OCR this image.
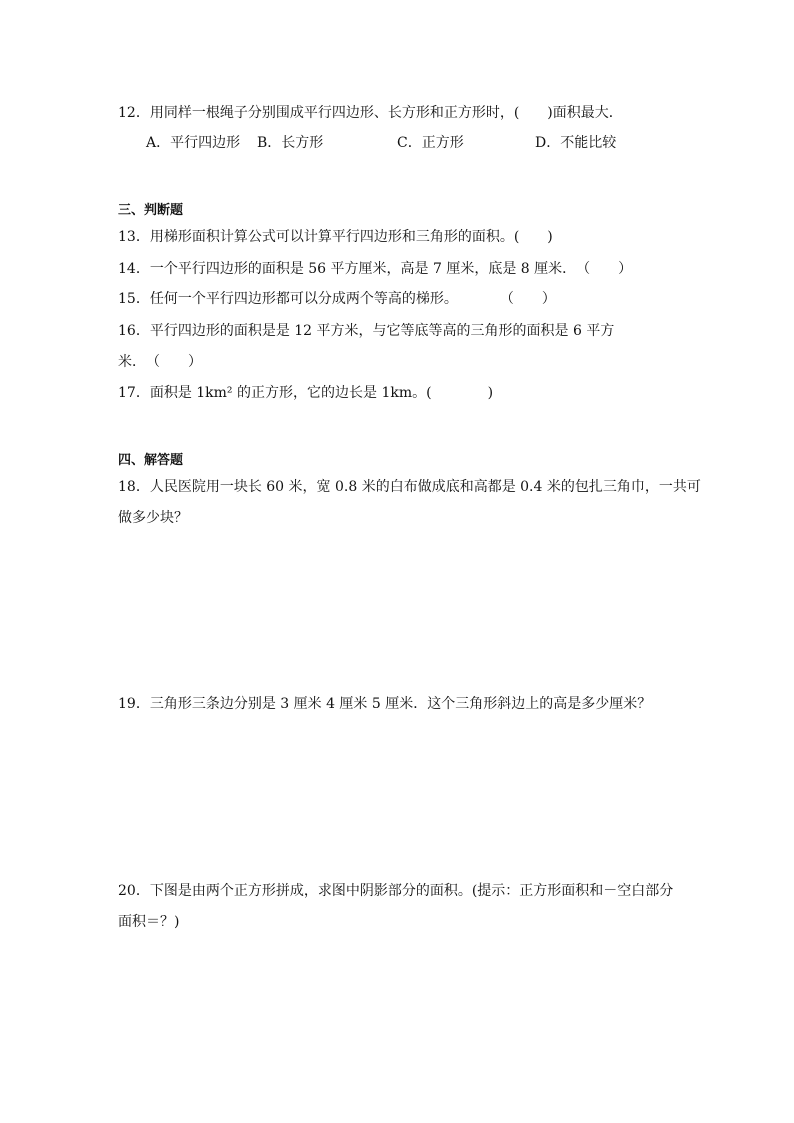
12．用同样一根绳子分别围成平行四边形、长方形和正方形时，(　　)面积最大．
A．平行四边形 B．长方形	C．正方形	D．不能比较
三、判断题
13．用梯形面积计算公式可以计算平行四边形和三角形的面积。(　　)
14．一个平行四边形的面积是 56 平方厘米，高是 7 厘米，底是 8 厘米．　（　　）
15．任何一个平行四边形都可以分成两个等高的梯形。　　　　（　　）
16．平行四边形的面积是是 12 平方米，与它等底等高的三角形的面积是 6 平方
米．　（　　）
17．面积是 1km² 的正方形，它的边长是 1km。(　　　　)
四、解答题
18．人民医院用一块长 60 米，宽 0.8 米的白布做成底和高都是 0.4 米的包扎三角巾，一共可
做多少块？
19．三角形三条边分别是 3 厘米 4 厘米 5 厘米．这个三角形斜边上的高是多少厘米？
20．下图是由两个正方形拼成，求图中阴影部分的面积。(提示：正方形面积和－空白部分
面积＝？)
